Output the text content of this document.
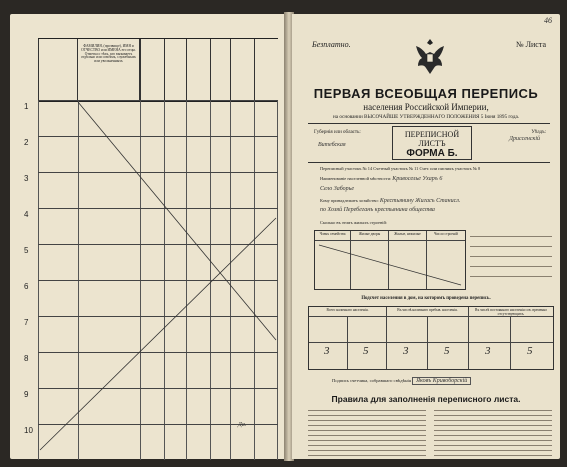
ФАМИЛИЯ, (прозвище), ИМЯ и ОТЧЕСТВО или ИМЕНА его отцы. Отметка о тѣхъ, кто вызываетъ отдѣльно или совсѣмъ, служебныхъ или увольненныхъ
1
2
3
4
5
6
7
8
9
10
Да.
46
Безплатно.	№ Листа
ПЕРВАЯ ВСЕОБЩАЯ ПЕРЕПИСЬ
населения Российской Империи,
на основании ВЫСОЧАЙШЕ УТВЕРЖДЕННАГО ПОЛОЖЕНИЯ 5 Іюня 1895 года.
Губернія или область:
Витебская
ПЕРЕПИСНОЙ ЛИСТЪ
ФОРМА Б.
Уѣздъ:
Дриссенскій
Переписный участокъ № 14 Счетный участокъ № 11 Счет. или писчикъ участокъ № 8
Наименованіе населенной мѣстности: Кривоселье Ухаръ 6
Село Заборье
Кому принадлежитъ хозяйство: Крестьянину Жигасъ Станисл.
по Хозяй Перебеганъ крестьянина общества
Сколько въ этомъ жилыхъ строеній:
Членъ семейства	Жилые дворы	Жилые, нежилые	Число строеній
Подсчет населения в дом, на которомъ проведена перепись.
Всего наличнаго населенія.	Въ числѣ наличнаго пребыв. населенія.	Въ числѣ постояннаго населенія сов. временно отсутствующихъ.
3	5	3	5	3	5
Подпись счетчика, собравшаго свѣдѣнія Яковъ Кривоборскій
Правила для заполненія переписного листа.
